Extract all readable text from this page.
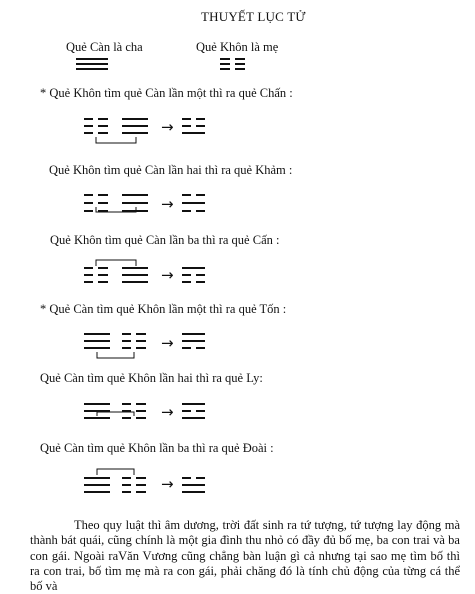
THUYẾT LỤC TỬ
Quẻ Càn là cha	Quẻ Khôn là mẹ
* Quẻ Khôn tìm quẻ Càn lần một thì ra quẻ Chấn :
Quẻ Khôn tìm quẻ Càn lần hai thì ra quẻ Khảm :
Quẻ Khôn tìm quẻ Càn lần ba thì ra quẻ Cấn :
* Quẻ Càn tìm quẻ Khôn lần một thì ra quẻ Tốn :
Quẻ Càn tìm quẻ Khôn lần hai thì ra quẻ Ly:
Quẻ Càn tìm quẻ Khôn lần ba thì ra quẻ Đoài :
→
→
→
→
→
→

Theo quy luật thì âm dương, trời đất sinh ra tứ tượng, tứ tượng lay động mà thành bát quái, cũng chính là một gia đình thu nhỏ có đầy đủ bố mẹ, ba con trai và ba con gái. Ngoài raVăn Vương cũng chẳng bàn luận gì cả nhưng tại sao mẹ tìm bố thì ra con trai, bố tìm mẹ mà ra con gái, phải chăng đó là tính chủ động của từng cá thể bố và
